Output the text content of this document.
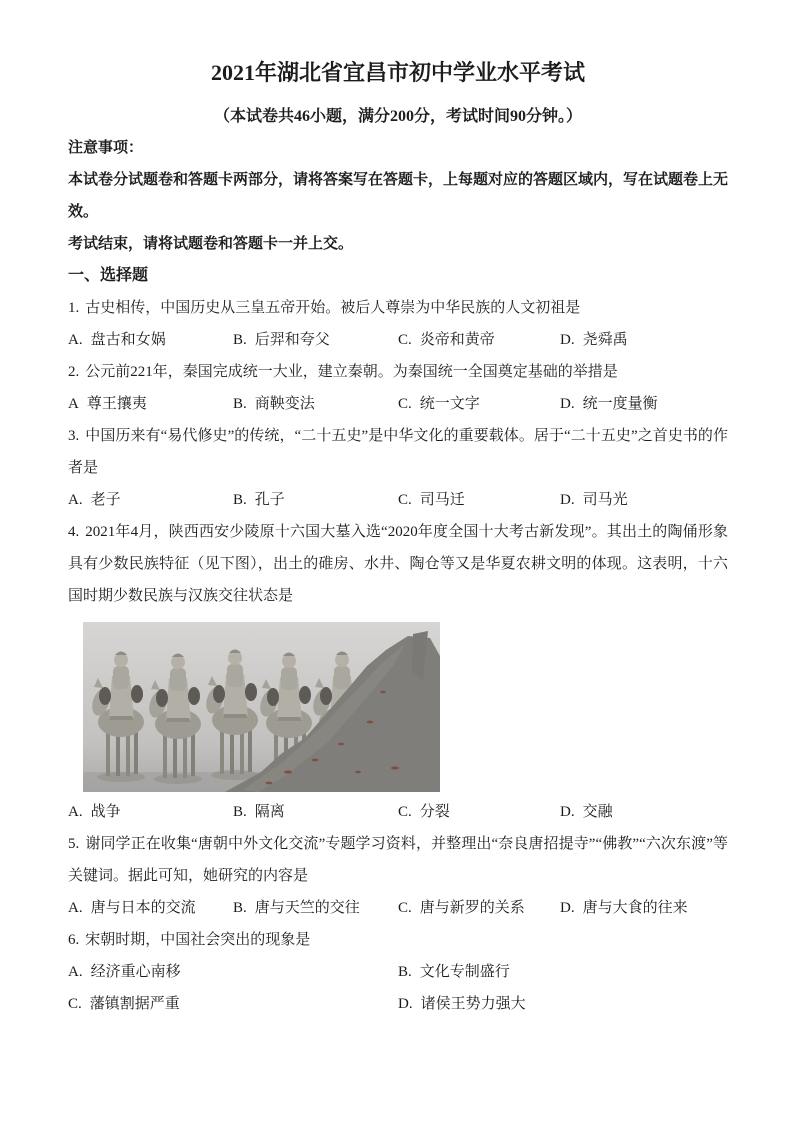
2021年湖北省宜昌市初中学业水平考试
（本试卷共46小题，满分200分，考试时间90分钟。）

注意事项：

本试卷分试题卷和答题卡两部分，请将答案写在答题卡，上每题对应的答题区域内，写在试题卷上无效。

考试结束，请将试题卷和答题卡一并上交。

一、选择题

1. 古史相传，中国历史从三皇五帝开始。被后人尊崇为中华民族的人文初祖是

A. 盘古和女娲	B. 后羿和夸父	C. 炎帝和黄帝	D. 尧舜禹

2. 公元前221年，秦国完成统一大业，建立秦朝。为秦国统一全国奠定基础的举措是

A 尊王攘夷	B. 商鞅变法	C. 统一文字	D. 统一度量衡

3. 中国历来有“易代修史”的传统，“二十五史”是中华文化的重要载体。居于“二十五史”之首史书的作者是

A. 老子	B. 孔子	C. 司马迁	D. 司马光

4. 2021年4月，陕西西安少陵原十六国大墓入选“2020年度全国十大考古新发现”。其出土的陶俑形象具有少数民族特征（见下图），出土的碓房、水井、陶仓等又是华夏农耕文明的体现。这表明，十六国时期少数民族与汉族交往状态是

A. 战争	B. 隔离	C. 分裂	D. 交融

5. 谢同学正在收集“唐朝中外文化交流”专题学习资料，并整理出“奈良唐招提寺”“佛教”“六次东渡”等关键词。据此可知，她研究的内容是

A. 唐与日本的交流	B. 唐与天竺的交往	C. 唐与新罗的关系	D. 唐与大食的往来

6. 宋朝时期，中国社会突出的现象是

A. 经济重心南移	B. 文化专制盛行
C. 藩镇割据严重	D. 诸侯王势力强大
